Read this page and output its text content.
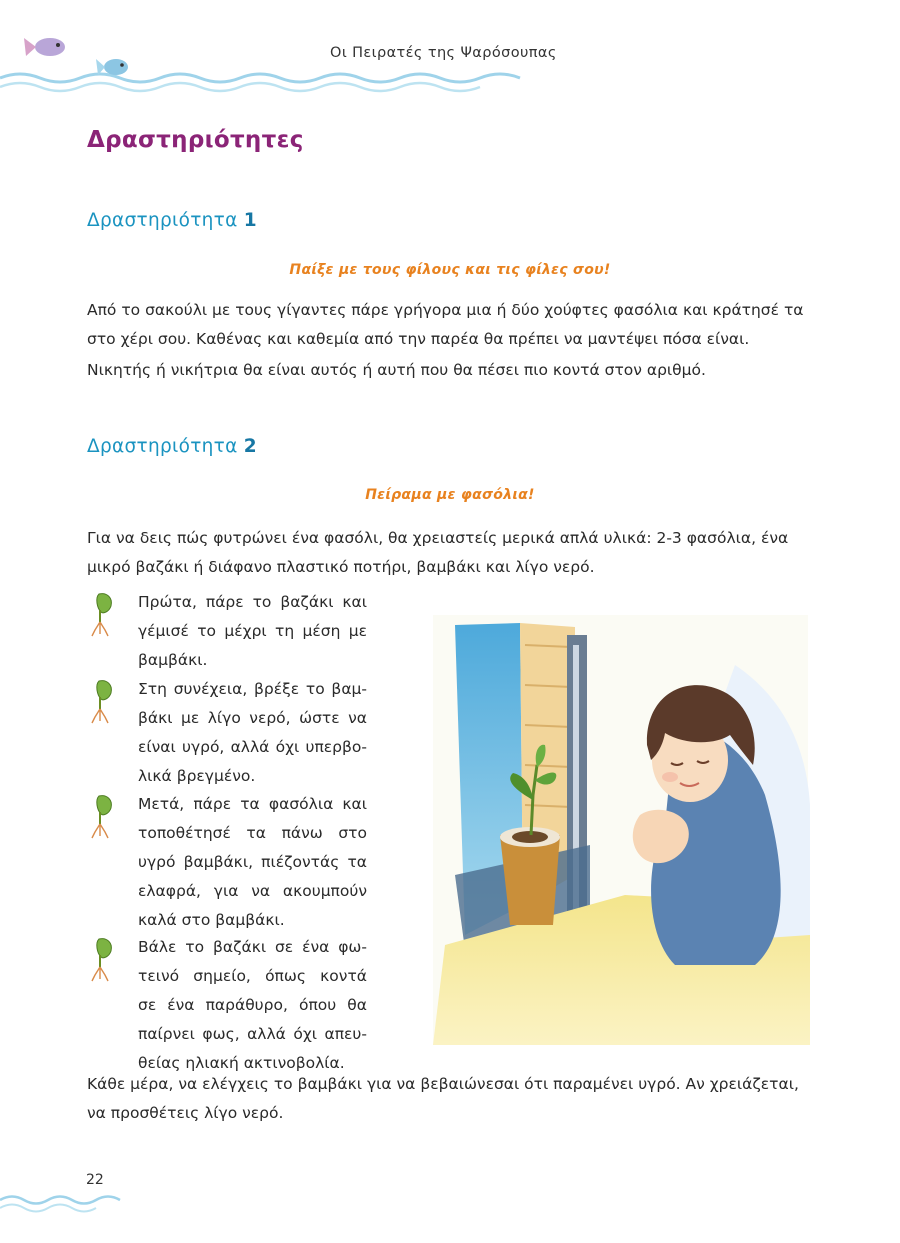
Οι Πειρατές της Ψαρόσουπας
Δραστηριότητες
Δραστηριότητα 1
Παίξε με τους φίλους και τις φίλες σου!
Από το σακούλι με τους γίγαντες πάρε γρήγορα μια ή δύο χούφτες φασόλια και κράτησέ τα
στο χέρι σου. Καθένας και καθεμία από την παρέα θα πρέπει να μαντέψει πόσα είναι.
Νικητής ή νικήτρια θα είναι αυτός ή αυτή που θα πέσει πιο κοντά στον αριθμό.
Δραστηριότητα 2
Πείραμα με φασόλια!
Για να δεις πώς φυτρώνει ένα φασόλι, θα χρειαστείς μερικά απλά υλικά: 2-3 φασόλια, ένα
μικρό βαζάκι ή διάφανο πλαστικό ποτήρι, βαμβάκι και λίγο νερό.
Πρώτα, πάρε το βαζάκι και
γέμισέ το μέχρι τη μέση με
βαμβάκι.
Στη συνέχεια, βρέξε το βαμ-
βάκι με λίγο νερό, ώστε να
είναι υγρό, αλλά όχι υπερβο-
λικά βρεγμένο.
Μετά, πάρε τα φασόλια και
τοποθέτησέ τα πάνω στο
υγρό βαμβάκι, πιέζοντάς τα
ελαφρά, για να ακουμπούν
καλά στο βαμβάκι.
Βάλε το βαζάκι σε ένα φω-
τεινό σημείο, όπως κοντά
σε ένα παράθυρο, όπου θα
παίρνει φως, αλλά όχι απευ-
θείας ηλιακή ακτινοβολία.
Κάθε μέρα, να ελέγχεις το βαμβάκι για να βεβαιώνεσαι ότι παραμένει υγρό. Αν χρειάζεται,
να προσθέτεις λίγο νερό.
22
